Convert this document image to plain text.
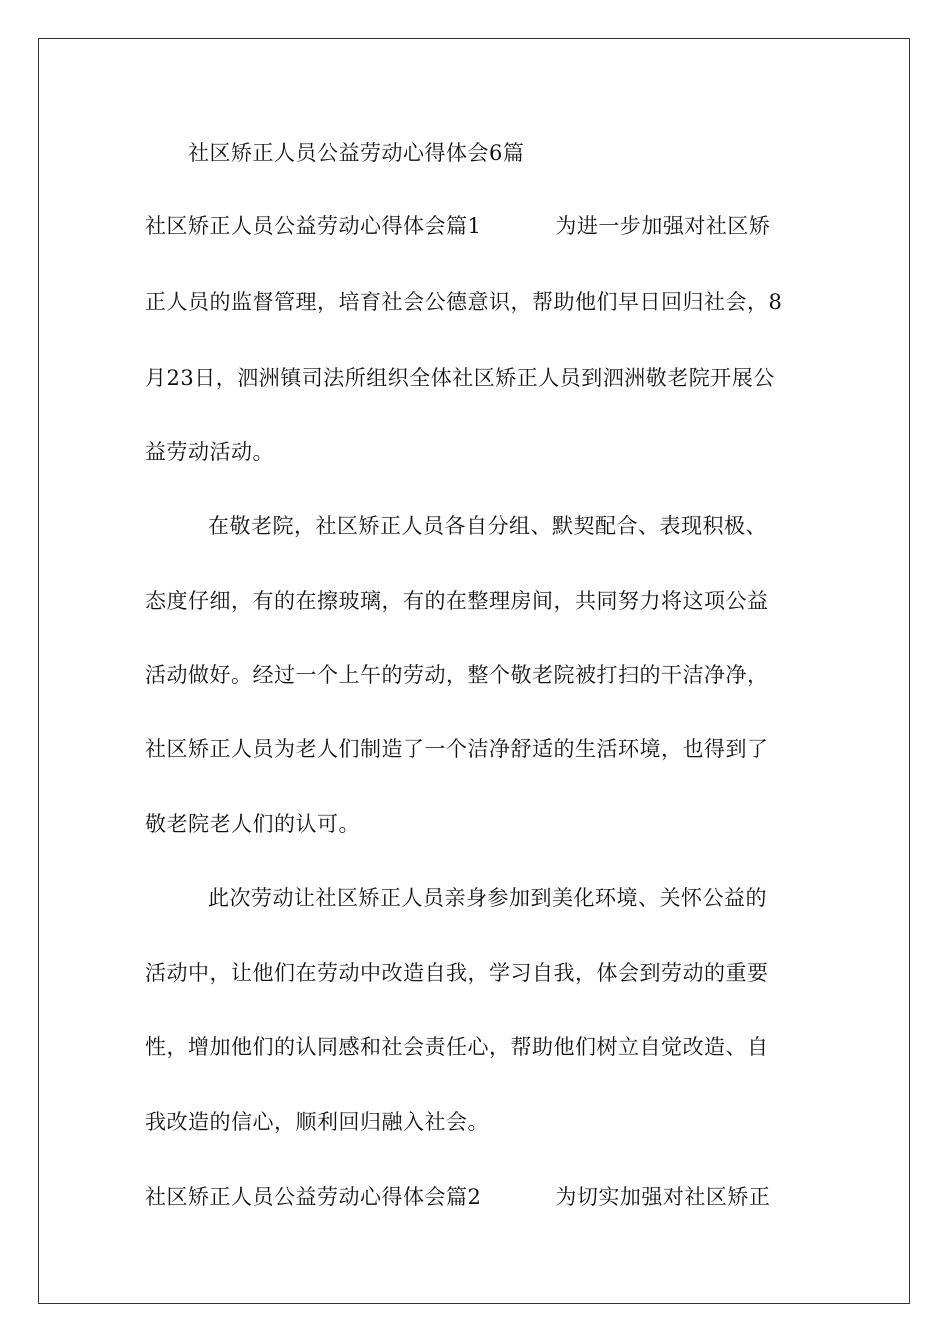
社区矫正人员公益劳动心得体会6篇
社区矫正人员公益劳动心得体会篇1	为进一步加强对社区矫
正人员的监督管理，培育社会公德意识，帮助他们早日回归社会，8
月23日，泗洲镇司法所组织全体社区矫正人员到泗洲敬老院开展公
益劳动活动。
在敬老院，社区矫正人员各自分组、默契配合、表现积极、
态度仔细，有的在擦玻璃，有的在整理房间，共同努力将这项公益
活动做好。经过一个上午的劳动，整个敬老院被打扫的干洁净净，
社区矫正人员为老人们制造了一个洁净舒适的生活环境，也得到了
敬老院老人们的认可。
此次劳动让社区矫正人员亲身参加到美化环境、关怀公益的
活动中，让他们在劳动中改造自我，学习自我，体会到劳动的重要
性，增加他们的认同感和社会责任心，帮助他们树立自觉改造、自
我改造的信心，顺利回归融入社会。
社区矫正人员公益劳动心得体会篇2	为切实加强对社区矫正
